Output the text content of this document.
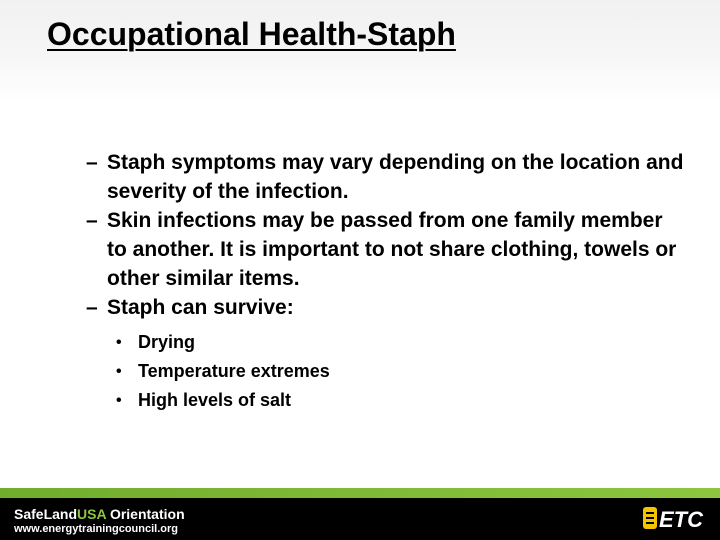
Occupational Health-Staph
– Staph symptoms may vary depending on the location and severity of the infection.
– Skin infections may be passed from one family member to another. It is important to not share clothing, towels or other similar items.
– Staph can survive:
• Drying
• Temperature extremes
• High levels of salt
SafeLandUSA Orientation
www.energytrainingcouncil.org	ETC
